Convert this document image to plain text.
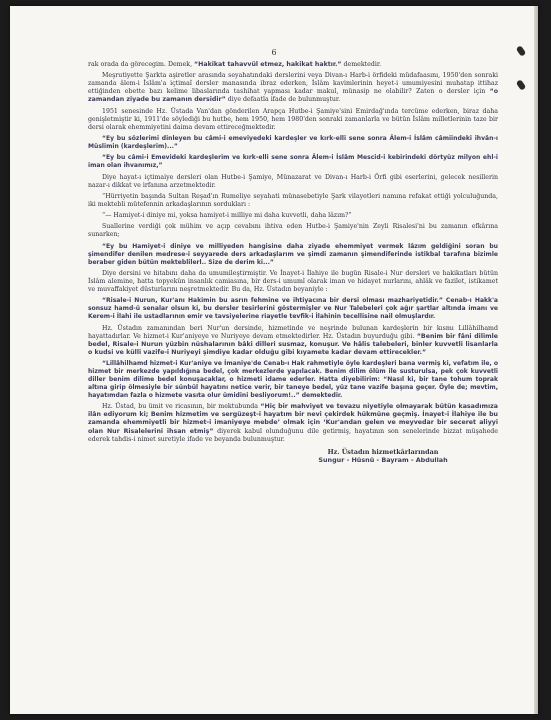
6

rak orada da görecegim. Demek, “Hakikat tahavvül etmez, hakikat haktır.” demektedir.

Meşrutiyette Şarkta aşiretler arasında seyahatındaki derslerini veya Divan-ı Harb-i örfideki müdafaasını, 1950'den sonraki zamanda âlem-i İslâm'a içtimaî dersler manasında ibraz ederken, İslâm kavimlerinin heyet-i umumiyesini muhatap ittihaz ettiğinden ebette bazı kelime libaslarında tashihat yapması kadar makul, münasip ne olabilir? Zaten o dersler için “o zamandan ziyade bu zamanın dersidir” diye defaatla ifade de bulunmuştur.

1951 senesinde Hz. Üstada Van'dan gönderilen Arapça Hutbe-i Şamiye'sini Emirdağ'ında tercüme ederken, biraz daha genişletmiştir ki, 1911'de söylediği bu hutbe, hem 1950, hem 1980'den sonraki zamanlarla ve bütün İslâm milletlerinin taze bir dersi olarak ehemmiyetini daima devam ettireceğmektedir.

“Ey bu sözlerimi dinleyen bu câmi-i emeviyedeki kardeşler ve kırk-elli sene sonra Âlem-i İslâm câmiindeki ihvân-ı Müslimin (kardeşlerim)...”

“Ey bu câmi-i Emevideki kardeşlerim ve kırk-elli sene sonra Âlem-i İslâm Mescid-i kebirindeki dörtyüz milyon ehl-i iman olan ihvanımız,”

Diye hayat-ı içtimaiye dersleri olan Hutbe-i Şamiye, Münazarat ve Divan-ı Harb-i Örfi gibi eserlerini, gelecek nesillerin nazar-ı dikkat ve irfanına arzetmektedir.

“Hürriyetin başında Sultan Reşad'ın Rumeliye seyahati münasebetiyle Şark vilayetleri namına refakat ettiği yolculuğunda, iki mektebli mütefennin arkadaşlarının sordukları :

“— Hamiyet-i diniye mi, yoksa hamiyet-i milliye mi daha kuvvetli, daha lâzım?”

Suallerine verdiği çok mühim ve açıp cevabını ihtiva eden Hutbe-i Şamiye'nin Zeyli Risalesi'ni bu zamanın efkârına sunarken;

“Ey bu Hamiyet-i diniye ve milliyeden hangisine daha ziyade ehemmiyet vermek lâzım geldiğini soran bu şimendifer denilen medrese-i seyyarede ders arkadaşlarım ve şimdi zamanın şimendiferinde istikbal tarafına bizimle beraber giden bütün mekteblilerl.. Size de derim ki...”

Diye dersini ve hitabını daha da umumileştirmiştir. Ve İnayet-i İlahiye ile bugün Risale-i Nur dersleri ve hakikatları bütün İslâm alemine, hatta topyekûn insanlık camiasına, bir ders-i umumî olarak iman ve hidayet nurlarını, ahlâk ve fazilet, istikamet ve muvaffakiyet düsturlarını neşretmektedir. Bu da, Hz. Üstadın beyaniyle :

“Risale-i Nurun, Kur'anı Hakimin bu asrın fehmine ve ihtiyacına bir dersi olması mazhariyetidir.” Cenab-ı Hakk'a sonsuz hamd-ü senalar olsun ki, bu dersler tesirlerini göstermişler ve Nur Talebeleri çok ağır şartlar altında imanı ve Kerem-i İlahi ile ustadlarının emir ve tavsiyelerine riayetle tevfik-i İlahinin tecellisine nail olmuşlardır.

Hz. Üstadın zamanından beri Nur'un dersinde, hizmetinde ve neşrinde bulunan kardeşlerin bir kısmı Lillâhilhamd hayattadırlar. Ve hizmet-i Kur'aniyeye ve Nuriyeye devam etmektedirler. Hz. Üstadın buyurduğu gibi. “Benim bir fâni dilimle bedel, Risale-i Nurun yüzbin nüshalarının bâki dilleri susmaz, konuşur. Ve hâlis talebeleri, binler kuvvetli lisanlarla o kudsi ve külli vazife-i Nuriyeyi şimdiye kadar olduğu gibi kıyamete kadar devam ettirecekler.”

“Lillâhilhamd hizmet-i Kur'aniye ve İmaniye'de Cenab-ı Hak rahmetiyle öyle kardeşleri bana vermiş ki, vefatım ile, o hizmet bir merkezde yapıldığına bedel, çok merkezlerde yapılacak. Benim dilim ölüm ile susturulsa, pek çok kuvvetli diller benim dilime bedel konuşacaklar, o hizmeti idame ederler. Hatta diyebilirim: “Nasıl ki, bir tane tohum toprak altına girip ölmesiyle bir sünbül hayatını netice verir, bir taneye bedel, yüz tane vazife başına geçer. Öyle de; mevtim, hayatımdan fazla o hizmete vasıta olur ümidini besliyorum!..” demektedir.

Hz. Üstad, bu ümit ve ricasının, bir mektubunda “Hiç bir mahviyet ve tevazu niyetiyle olmayarak bütün kasadımıza ilân ediyorum ki; Benim hizmetim ve sergüzeşt-i hayatım bir nevi çekirdek hükmüne geçmiş. İnayet-i İlahiye ile bu zamanda ehemmiyetli bir hizmet-i imaniyeye mebde’ olmak için ‘Kur'andan gelen ve meyvedar bir seceret aliyyi olan Nur Risalelerini ihsan etmiş” diyerek kabul olunduğunu dile getirmiş, hayatının son senelerinde bizzat müşahede ederek tahdis-i nimet suretiyle ifade ve beyanda bulunmuştur.

Hz. Üstadın hizmetkârlarından
Sungur - Hüsnü - Bayram - Abdullah
